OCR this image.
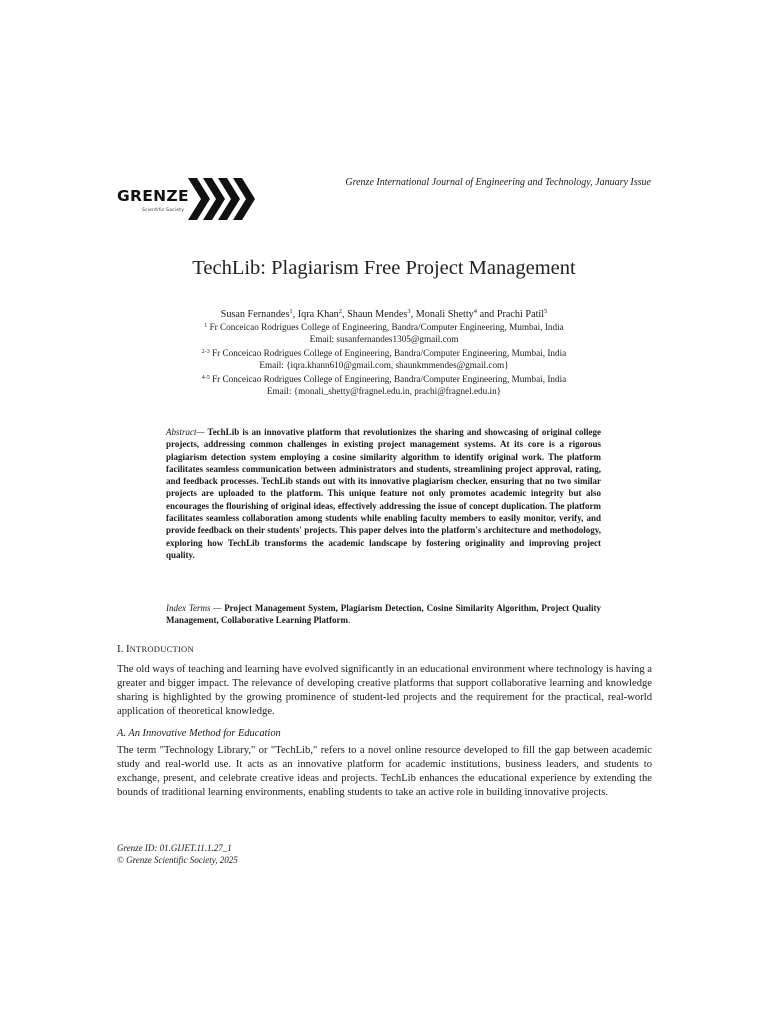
GRENZE
Scientific Society
Grenze International Journal of Engineering and Technology, January Issue
TechLib: Plagiarism Free Project Management
Susan Fernandes$^1$, Iqra Khan$^2$, Shaun Mendes$^3$, Monali Shetty$^4$ and Prachi Patil$^5$
$^1$ Fr Conceicao Rodrigues College of Engineering, Bandra/Computer Engineering, Mumbai, India
Email: susanfernandes1305@gmail.com
$^{2-3}$ Fr Conceicao Rodrigues College of Engineering, Bandra/Computer Engineering, Mumbai, India
Email: {iqra.khann610@gmail.com, shaunkmmendes@gmail.com}
$^{4-5}$ Fr Conceicao Rodrigues College of Engineering, Bandra/Computer Engineering, Mumbai, India
Email: {monali_shetty@fragnel.edu.in, prachi@fragnel.edu.in}
Abstract— TechLib is an innovative platform that revolutionizes the sharing and showcasing of original college projects, addressing common challenges in existing project management systems. At its core is a rigorous plagiarism detection system employing a cosine similarity algorithm to identify original work. The platform facilitates seamless communication between administrators and students, streamlining project approval, rating, and feedback processes. TechLib stands out with its innovative plagiarism checker, ensuring that no two similar projects are uploaded to the platform. This unique feature not only promotes academic integrity but also encourages the flourishing of original ideas, effectively addressing the issue of concept duplication. The platform facilitates seamless collaboration among students while enabling faculty members to easily monitor, verify, and provide feedback on their students' projects. This paper delves into the platform's architecture and methodology, exploring how TechLib transforms the academic landscape by fostering originality and improving project quality.
Index Terms — Project Management System, Plagiarism Detection, Cosine Similarity Algorithm, Project Quality Management, Collaborative Learning Platform.
I. INTRODUCTION
The old ways of teaching and learning have evolved significantly in an educational environment where technology is having a greater and bigger impact. The relevance of developing creative platforms that support collaborative learning and knowledge sharing is highlighted by the growing prominence of student-led projects and the requirement for the practical, real-world application of theoretical knowledge.
A. An Innovative Method for Education
The term "Technology Library," or "TechLib," refers to a novel online resource developed to fill the gap between academic study and real-world use. It acts as an innovative platform for academic institutions, business leaders, and students to exchange, present, and celebrate creative ideas and projects. TechLib enhances the educational experience by extending the bounds of traditional learning environments, enabling students to take an active role in building innovative projects.
Grenze ID: 01.GIJET.11.1.27_1
© Grenze Scientific Society, 2025
